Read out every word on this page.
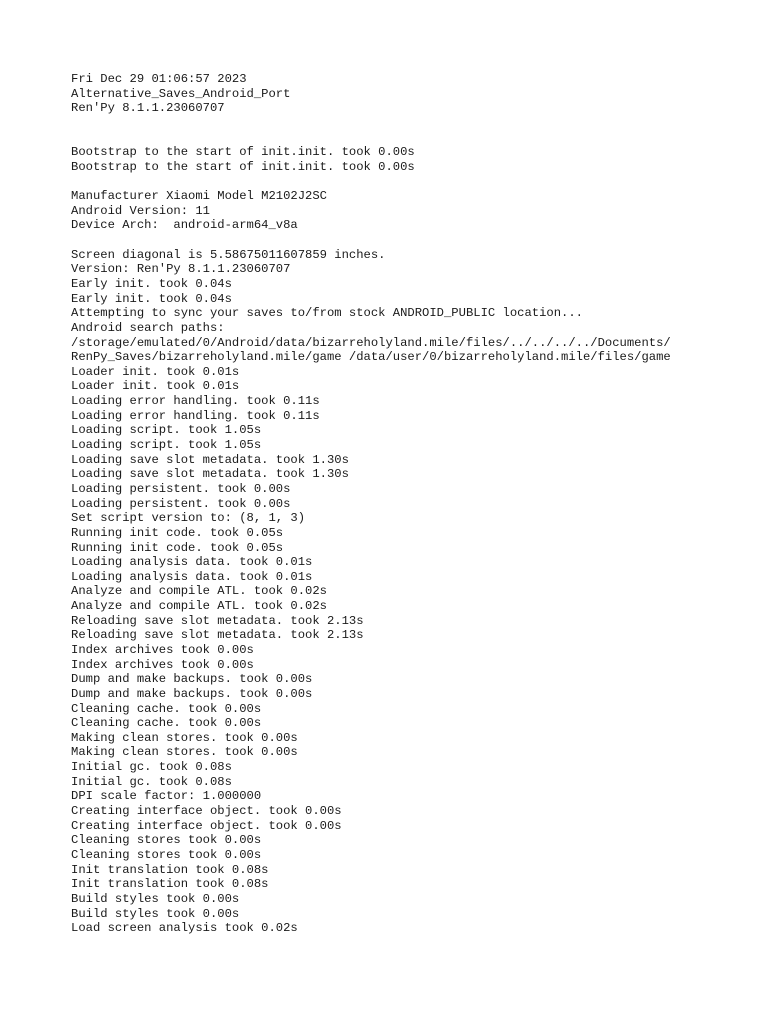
Fri Dec 29 01:06:57 2023
Alternative_Saves_Android_Port
Ren'Py 8.1.1.23060707
Bootstrap to the start of init.init. took 0.00s
Bootstrap to the start of init.init. took 0.00s
Manufacturer Xiaomi Model M2102J2SC
Android Version: 11
Device Arch:  android-arm64_v8a
Screen diagonal is 5.58675011607859 inches.
Version: Ren'Py 8.1.1.23060707
Early init. took 0.04s
Early init. took 0.04s
Attempting to sync your saves to/from stock ANDROID_PUBLIC location...
Android search paths:
/storage/emulated/0/Android/data/bizarreholyland.mile/files/../../../../Documents/
RenPy_Saves/bizarreholyland.mile/game /data/user/0/bizarreholyland.mile/files/game
Loader init. took 0.01s
Loader init. took 0.01s
Loading error handling. took 0.11s
Loading error handling. took 0.11s
Loading script. took 1.05s
Loading script. took 1.05s
Loading save slot metadata. took 1.30s
Loading save slot metadata. took 1.30s
Loading persistent. took 0.00s
Loading persistent. took 0.00s
Set script version to: (8, 1, 3)
Running init code. took 0.05s
Running init code. took 0.05s
Loading analysis data. took 0.01s
Loading analysis data. took 0.01s
Analyze and compile ATL. took 0.02s
Analyze and compile ATL. took 0.02s
Reloading save slot metadata. took 2.13s
Reloading save slot metadata. took 2.13s
Index archives took 0.00s
Index archives took 0.00s
Dump and make backups. took 0.00s
Dump and make backups. took 0.00s
Cleaning cache. took 0.00s
Cleaning cache. took 0.00s
Making clean stores. took 0.00s
Making clean stores. took 0.00s
Initial gc. took 0.08s
Initial gc. took 0.08s
DPI scale factor: 1.000000
Creating interface object. took 0.00s
Creating interface object. took 0.00s
Cleaning stores took 0.00s
Cleaning stores took 0.00s
Init translation took 0.08s
Init translation took 0.08s
Build styles took 0.00s
Build styles took 0.00s
Load screen analysis took 0.02s
